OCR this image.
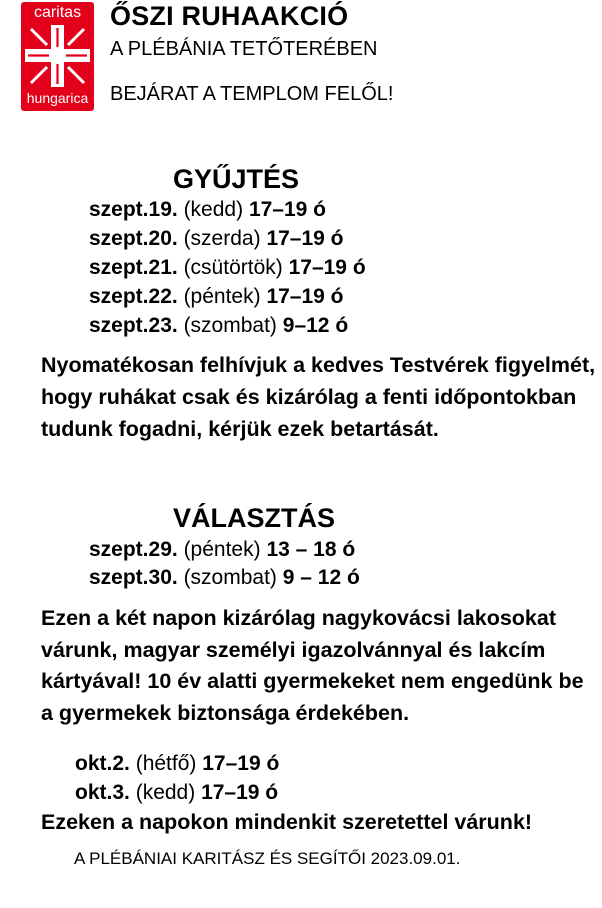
caritas
hungarica
ŐSZI RUHAAKCIÓ
A PLÉBÁNIA TETŐTERÉBEN
BEJÁRAT A TEMPLOM FELŐL!
GYŰJTÉS
szept.19. (kedd) 17–19 ó
szept.20. (szerda) 17–19 ó
szept.21. (csütörtök) 17–19 ó
szept.22. (péntek) 17–19 ó
szept.23. (szombat) 9–12 ó
Nyomatékosan felhívjuk a kedves Testvérek figyelmét, hogy ruhákat csak és kizárólag a fenti időpontokban tudunk fogadni, kérjük ezek betartását.
VÁLASZTÁS
szept.29. (péntek) 13 – 18 ó
szept.30. (szombat) 9 – 12 ó
Ezen a két napon kizárólag nagykovácsi lakosokat várunk, magyar személyi igazolvánnyal és lakcím kártyával! 10 év alatti gyermekeket nem engedünk be a gyermekek biztonsága érdekében.
okt.2. (hétfő) 17–19 ó
okt.3. (kedd) 17–19 ó
Ezeken a napokon mindenkit szeretettel várunk!
A PLÉBÁNIAI KARITÁSZ ÉS SEGÍTŐI 2023.09.01.
